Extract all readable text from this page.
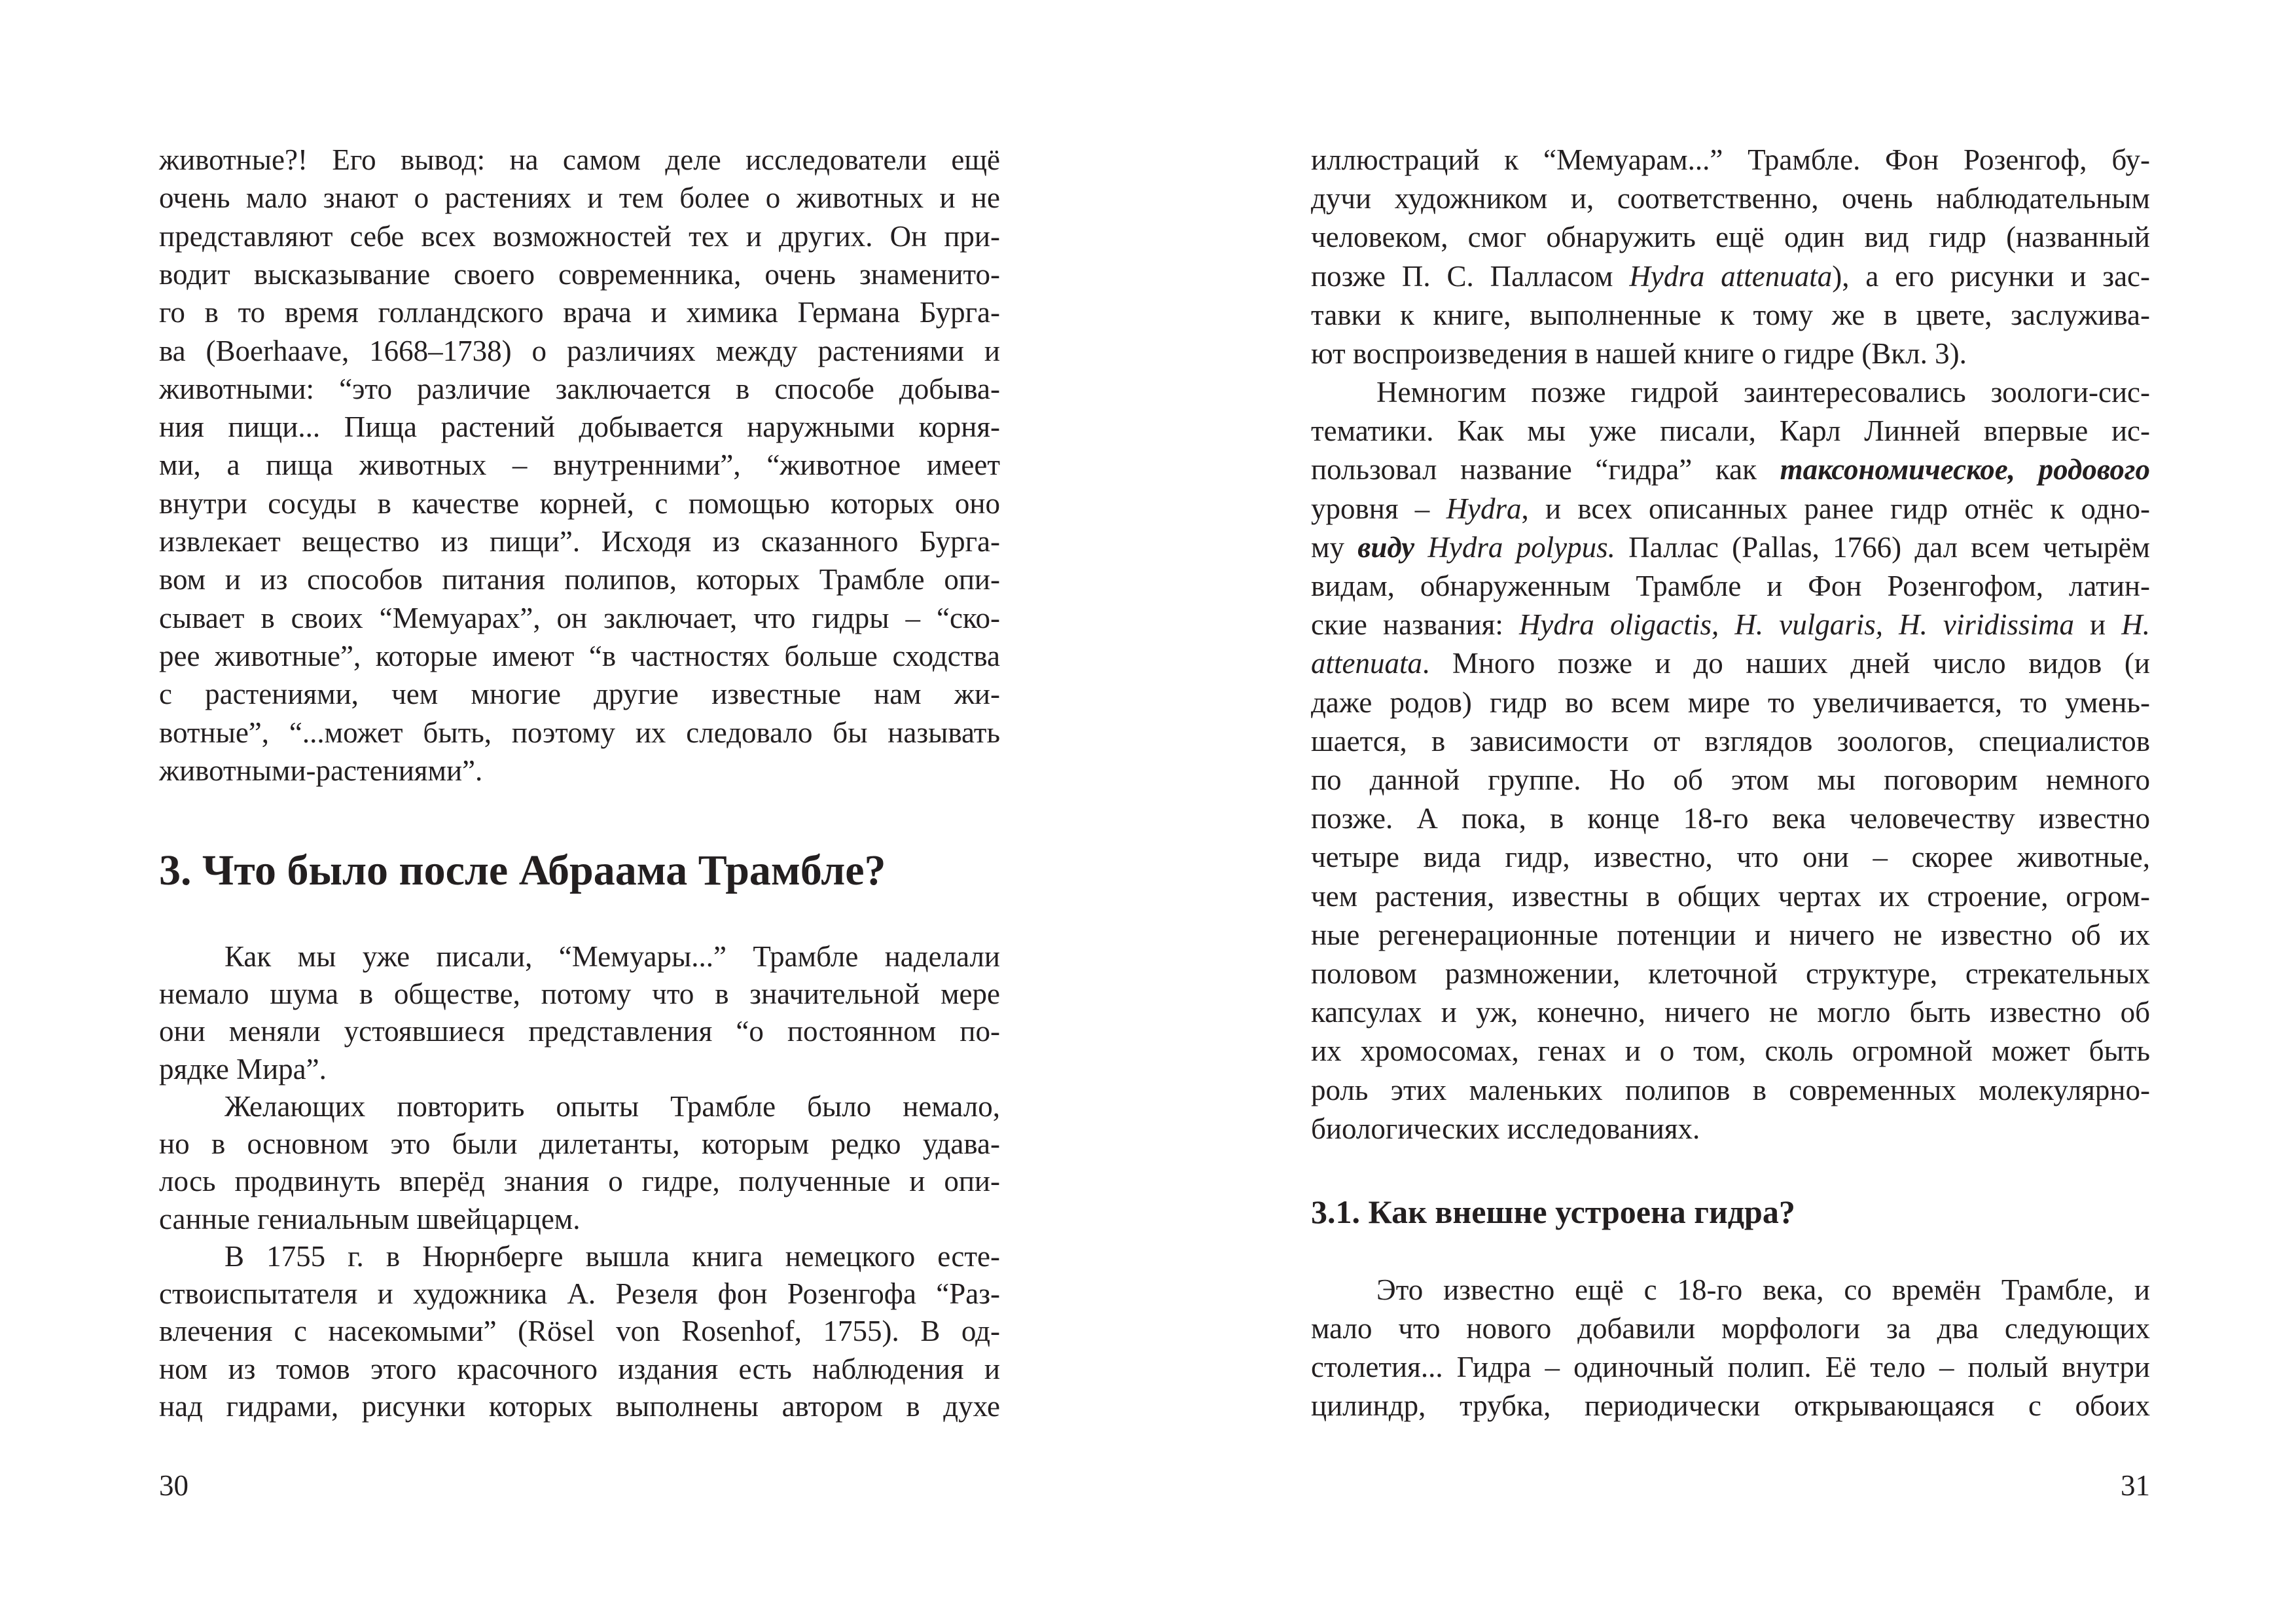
30
животные?! Его вывод: на самом деле исследователи ещё
очень мало знают о растениях и тем более о животных и не
представляют себе всех возможностей тех и других. Он при-
водит высказывание своего современника, очень знаменито-
го в то время голландского врача и химика Германа Бурга-
ва (Boerhaave, 1668–1738) о различиях между растениями и
животными: “это различие заключается в способе добыва-
ния пищи... Пища растений добывается наружными корня-
ми, а пища животных – внутренними”, “животное имеет
внутри сосуды в качестве корней, с помощью которых оно
извлекает вещество из пищи”. Исходя из сказанного Бурга-
вом и из способов питания полипов, которых Трамбле опи-
сывает в своих “Мемуарах”, он заключает, что гидры – “ско-
рее животные”, которые имеют “в частностях больше сходства
с растениями, чем многие другие известные нам жи-
вотные”, “...может быть, поэтому их следовало бы называть
животными-растениями”.
3. Что было после Абраама Трамбле?
Как мы уже писали, “Мемуары...” Трамбле наделали
немало шума в обществе, потому что в значительной мере
они меняли устоявшиеся представления “о постоянном по-
рядке Мира”.
Желающих повторить опыты Трамбле было немало,
но в основном это были дилетанты, которым редко удава-
лось продвинуть вперёд знания о гидре, полученные и опи-
санные гениальным швейцарцем.
В 1755 г. в Нюрнберге вышла книга немецкого есте-
ствоиспытателя и художника А. Резеля фон Розенгофа “Раз-
влечения с насекомыми” (Rösel von Rosenhof, 1755). В од-
ном из томов этого красочного издания есть наблюдения и
над гидрами, рисунки которых выполнены автором в духе
31
иллюстраций к “Мемуарам...” Трамбле. Фон Розенгоф, бу-
дучи художником и, соответственно, очень наблюдательным
человеком, смог обнаружить ещё один вид гидр (названный
позже П. С. Палласом Hydra attenuata), а его рисунки и зас-
тавки к книге, выполненные к тому же в цвете, заслужива-
ют воспроизведения в нашей книге о гидре (Вкл. 3).
Немногим позже гидрой заинтересовались зоологи-сис-
тематики. Как мы уже писали, Карл Линней впервые ис-
пользовал название “гидра” как таксономическое, родового
уровня – Hydra, и всех описанных ранее гидр отнёс к одно-
му виду Hydra polypus. Паллас (Pallas, 1766) дал всем четырём
видам, обнаруженным Трамбле и Фон Розенгофом, латин-
ские названия: Hydra oligactis, H. vulgaris, H. viridissima и H.
attenuata. Много позже и до наших дней число видов (и
даже родов) гидр во всем мире то увеличивается, то умень-
шается, в зависимости от взглядов зоологов, специалистов
по данной группе. Но об этом мы поговорим немного
позже. А пока, в конце 18-го века человечеству известно
четыре вида гидр, известно, что они – скорее животные,
чем растения, известны в общих чертах их строение, огром-
ные регенерационные потенции и ничего не известно об их
половом размножении, клеточной структуре, стрекательных
капсулах и уж, конечно, ничего не могло быть известно об
их хромосомах, генах и о том, сколь огромной может быть
роль этих маленьких полипов в современных молекулярно-
биологических исследованиях.
3.1. Как внешне устроена гидра?
Это известно ещё с 18-го века, со времён Трамбле, и
мало что нового добавили морфологи за два следующих
столетия... Гидра – одиночный полип. Её тело – полый внутри
цилиндр, трубка, периодически открывающаяся с обоих
